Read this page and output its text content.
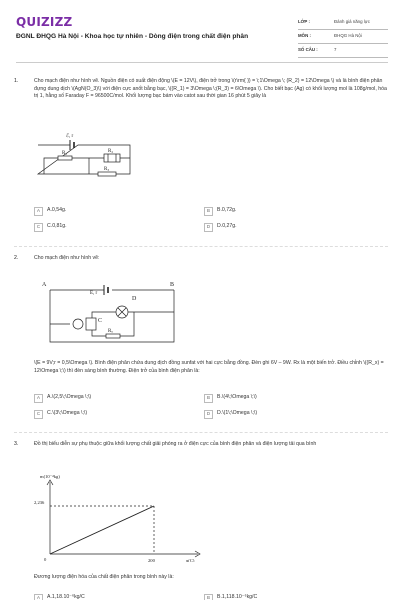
QUIZIZZ
ĐGNL ĐHQG Hà Nội - Khoa học tự nhiên - Dòng điện trong chất điện phân
LỚP :	Đánh giá năng lực
MÔN :	ĐHQG Hà Nội
SỐ CÂU :	7
1.	Cho mạch điện như hình vẽ. Nguồn điện có suất điện động \(E = 12V\), điện trở trong \(r\rm{ }) = \;1\Omega \; (R_2) = 12\Omega \) và là bình điện phân đựng dung dịch \(AgN(O_3)\) với điện cực anốt bằng bạc, \((R_1) = 3\Omega \;(R_3) = 6\Omega \). Cho biết bạc (Ag) có khối lượng mol là 108g/mol, hóa trị 1, hằng số Faraday F = 96500C/mol. Khối lượng bạc bám vào catot sau thời gian 16 phút 5 giây là
ℰ, r
R₁	R₂
R₃
A	A.0,54g.	B	B.0,72g.
C	C.0,81g.	D	D.0,27g.
2.	Cho mạch điện như hình vẽ:
A	B
E, r
D
C
Rₓ
\(E = 9V;r = 0,5\Omega \). Bình điện phân chứa dung dịch đồng sunfat với hai cực bằng đồng. Đèn ghi 6V – 9W. Rx là một biến trở. Điều chỉnh \((R_x) = 12\Omega \;\) thì đèn sáng bình thường. Điện trở của bình điện phân là:
A	A.\(2,5\;\Omega \;\)	B	B.\(4\;\Omega \;\)
C	C.\(3\;\Omega \;\)	D	D.\(1\;\Omega \;\)
3.	Đồ thị biểu diễn sự phụ thuộc giữa khối lượng chất giải phóng ra ở điện cực của bình điện phân và điện lượng tải qua bình
m(10⁻⁴kg)
q(C)
2,236
200
0
Đương lượng điện hóa của chất điện phân trong bình này là:
A	A.1,18.10⁻⁶kg/C	B	B.1,118.10⁻⁶kg/C
